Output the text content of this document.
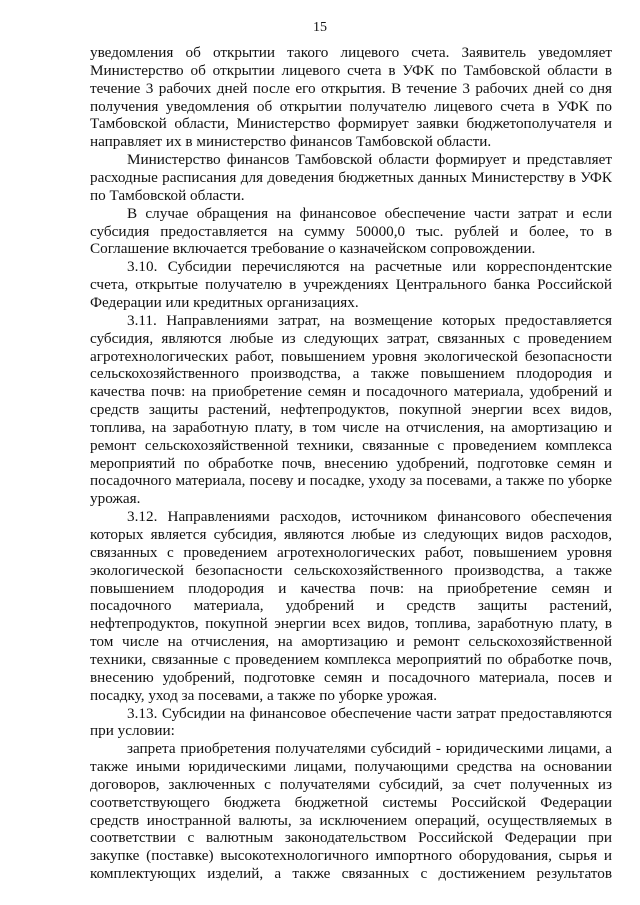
15
уведомления об открытии такого лицевого счета. Заявитель уведомляет
Министерство об открытии лицевого счета в УФК по Тамбовской области в
течение 3 рабочих дней после его открытия. В течение 3 рабочих дней со дня
получения уведомления об открытии получателю лицевого счета в УФК по
Тамбовской области, Министерство формирует заявки бюджетополучателя и
направляет их в министерство финансов Тамбовской области.
Министерство финансов Тамбовской области формирует и представляет
расходные расписания для доведения бюджетных данных Министерству в УФК
по Тамбовской области.
В случае обращения на финансовое обеспечение части затрат и если
субсидия предоставляется на сумму 50000,0 тыс. рублей и более, то в
Соглашение включается требование о казначейском сопровождении.
3.10. Субсидии перечисляются на расчетные или корреспондентские
счета, открытые получателю в учреждениях Центрального банка Российской
Федерации или кредитных организациях.
3.11. Направлениями затрат, на возмещение которых предоставляется
субсидия, являются любые из следующих затрат, связанных с проведением
агротехнологических работ, повышением уровня экологической безопасности
сельскохозяйственного производства, а также повышением плодородия и
качества почв: на приобретение семян и посадочного материала, удобрений и
средств защиты растений, нефтепродуктов, покупной энергии всех видов,
топлива, на заработную плату, в том числе на отчисления, на амортизацию и
ремонт сельскохозяйственной техники, связанные с проведением комплекса
мероприятий по обработке почв, внесению удобрений, подготовке семян и
посадочного материала, посеву и посадке, уходу за посевами, а также по уборке
урожая.
3.12. Направлениями расходов, источником финансового обеспечения
которых является субсидия, являются любые из следующих видов расходов,
связанных с проведением агротехнологических работ, повышением уровня
экологической безопасности сельскохозяйственного производства, а также
повышением плодородия и качества почв: на приобретение семян и
посадочного материала, удобрений и средств защиты растений,
нефтепродуктов, покупной энергии всех видов, топлива, заработную плату, в
том числе на отчисления, на амортизацию и ремонт сельскохозяйственной
техники, связанные с проведением комплекса мероприятий по обработке почв,
внесению удобрений, подготовке семян и посадочного материала, посев и
посадку, уход за посевами, а также по уборке урожая.
3.13. Субсидии на финансовое обеспечение части затрат предоставляются
при условии:
запрета приобретения получателями субсидий - юридическими лицами, а
также иными юридическими лицами, получающими средства на основании
договоров, заключенных с получателями субсидий, за счет полученных из
соответствующего бюджета бюджетной системы Российской Федерации
средств иностранной валюты, за исключением операций, осуществляемых в
соответствии с валютным законодательством Российской Федерации при
закупке (поставке) высокотехнологичного импортного оборудования, сырья и
комплектующих изделий, а также связанных с достижением результатов
